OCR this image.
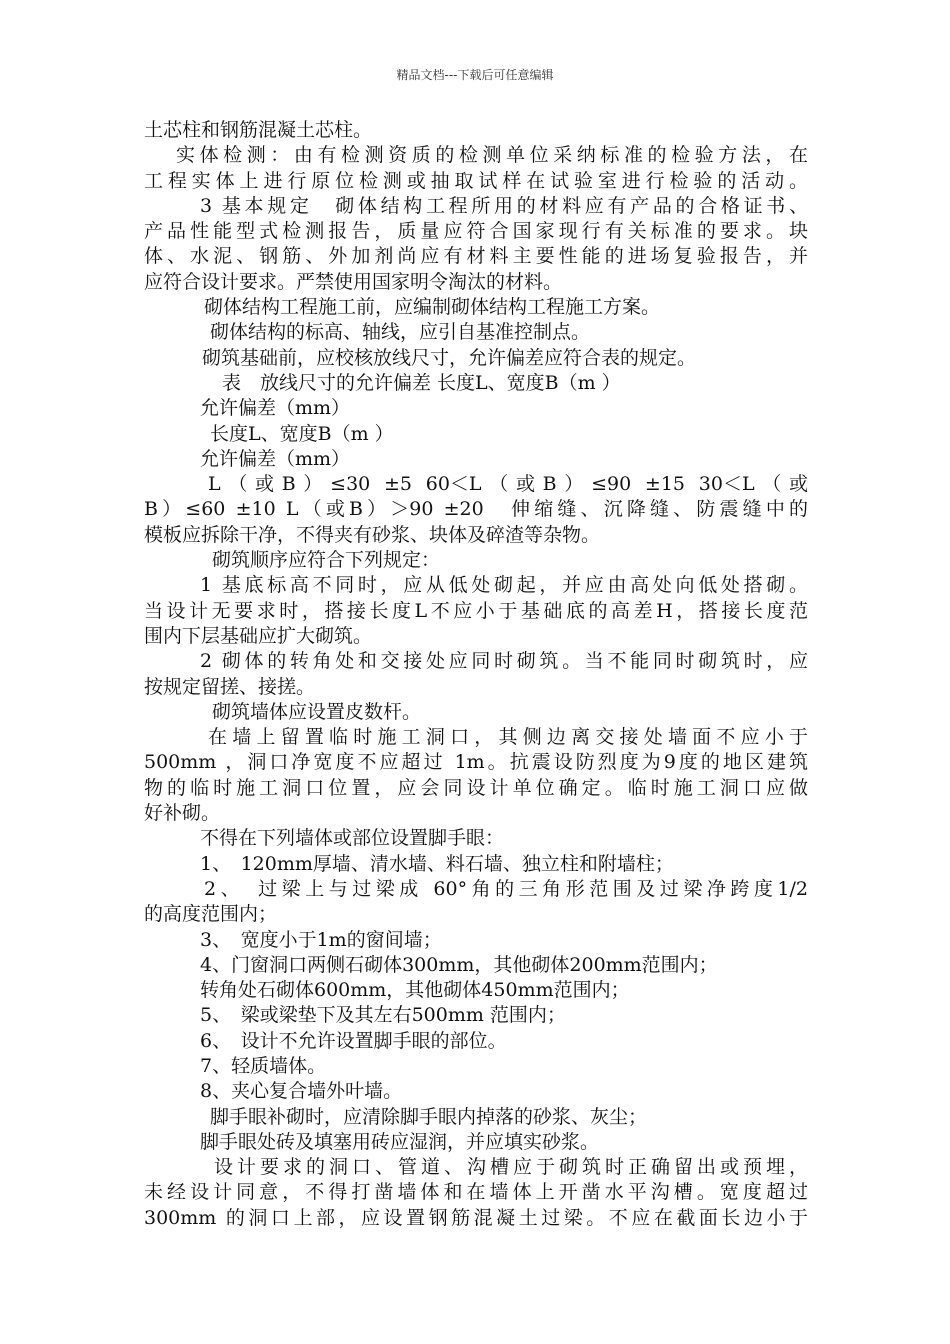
精品文档---下载后可任意编辑
土芯柱和钢筋混凝土芯柱。
实体检测：由有检测资质的检测单位采纳标准的检验方法，在
工程实体上进行原位检测或抽取试样在试验室进行检验的活动。
3 基本规定　砌体结构工程所用的材料应有产品的合格证书、
产品性能型式检测报告，质量应符合国家现行有关标准的要求。块
体、水泥、钢筋、外加剂尚应有材料主要性能的进场复验报告，并
应符合设计要求。严禁使用国家明令淘汰的材料。
砌体结构工程施工前，应编制砌体结构工程施工方案。
砌体结构的标高、轴线，应引自基准控制点。
砌筑基础前，应校核放线尺寸，允许偏差应符合表的规定。
表　放线尺寸的允许偏差 长度L、宽度B（m ）
允许偏差（mm）
长度L、宽度B（m ）
允许偏差（mm）
L（或B）≤30 ±5 60＜L（或B）≤90 ±15 30＜L（或
B）≤60 ±10 L（或B）＞90 ±20　伸缩缝、沉降缝、防震缝中的
模板应拆除干净，不得夹有砂浆、块体及碎渣等杂物。
砌筑顺序应符合下列规定：
1 基底标高不同时，应从低处砌起，并应由高处向低处搭砌。
当设计无要求时，搭接长度L不应小于基础底的高差H，搭接长度范
围内下层基础应扩大砌筑。
2 砌体的转角处和交接处应同时砌筑。当不能同时砌筑时，应
按规定留搓、接搓。
砌筑墙体应设置皮数杆。
在墙上留置临时施工洞口，其侧边离交接处墙面不应小于
500mm ，洞口净宽度不应超过 1m。抗震设防烈度为9度的地区建筑
物的临时施工洞口位置，应会同设计单位确定。临时施工洞口应做
好补砌。
不得在下列墙体或部位设置脚手眼：
1、　120mm厚墙、清水墙、料石墙、独立柱和附墙柱；
2、　过梁上与过梁成 60°角的三角形范围及过梁净跨度1/2
的高度范围内；
3、　宽度小于1m的窗间墙；
4、门窗洞口两侧石砌体300mm，其他砌体200mm范围内；
转角处石砌体600mm，其他砌体450mm范围内；
5、　梁或梁垫下及其左右500mm 范围内；
6、　设计不允许设置脚手眼的部位。
7、轻质墙体。
8、夹心复合墙外叶墙。
脚手眼补砌时，应清除脚手眼内掉落的砂浆、灰尘；
脚手眼处砖及填塞用砖应湿润，并应填实砂浆。
设计要求的洞口、管道、沟槽应于砌筑时正确留出或预埋，
未经设计同意，不得打凿墙体和在墙体上开凿水平沟槽。宽度超过
300mm 的洞口上部，应设置钢筋混凝土过梁。不应在截面长边小于
